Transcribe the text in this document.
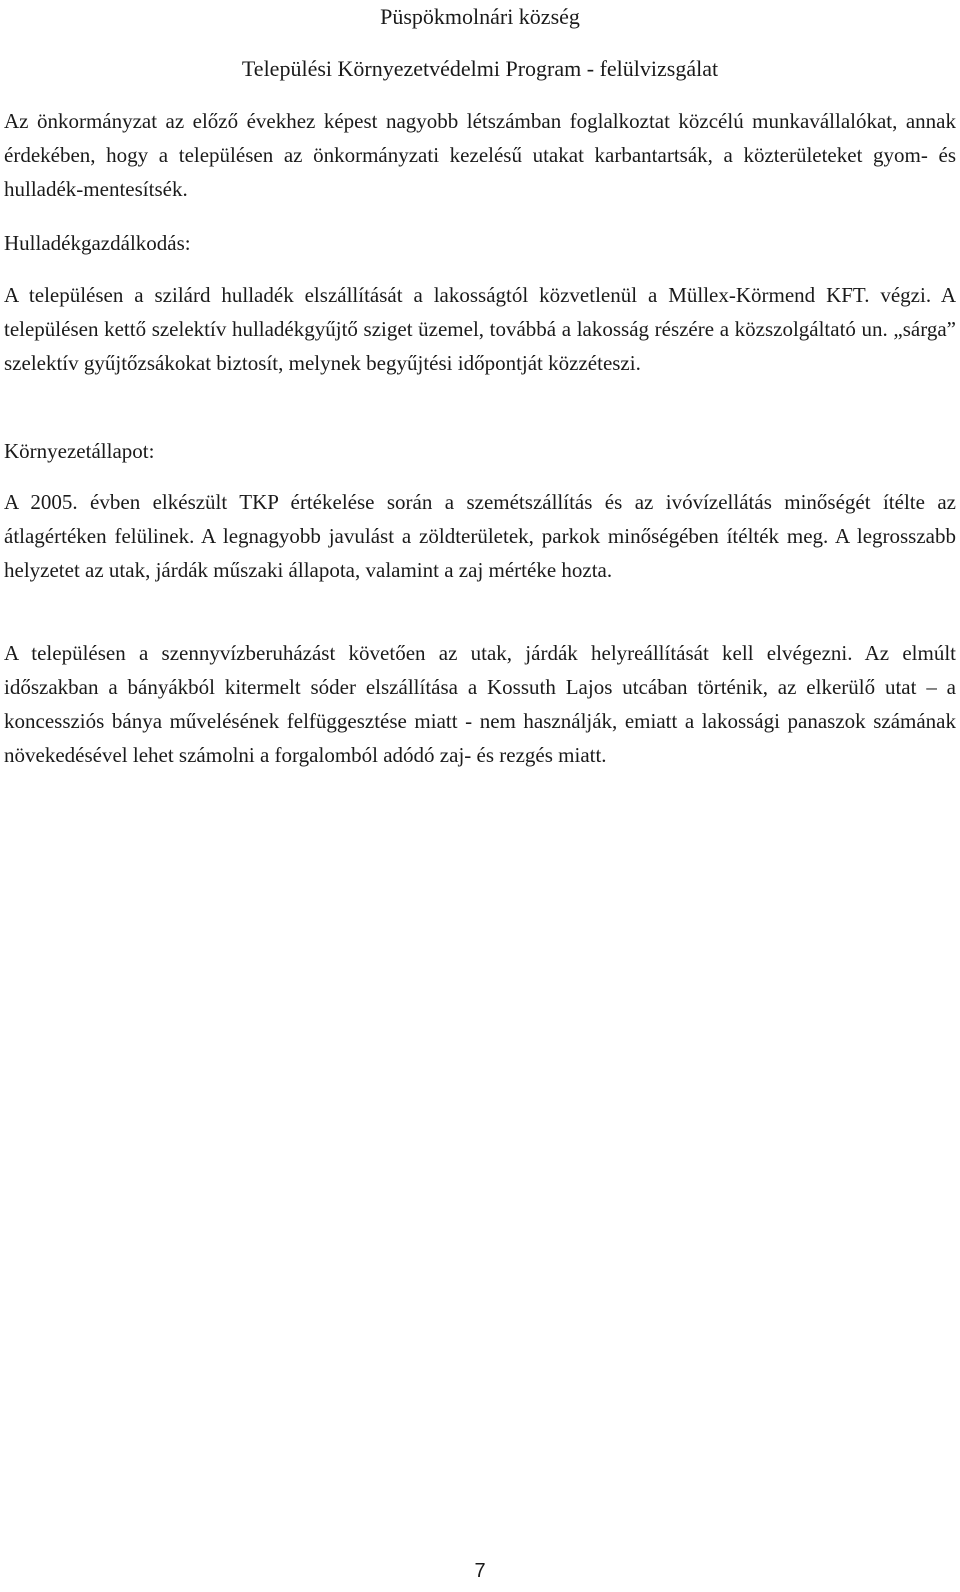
Püspökmolnári község
Települési Környezetvédelmi Program - felülvizsgálat

Az önkormányzat az előző évekhez képest nagyobb létszámban foglalkoztat közcélú munkavállalókat, annak érdekében, hogy a településen az önkormányzati kezelésű utakat karbantartsák, a közterületeket gyom- és hulladék-mentesítsék.

Hulladékgazdálkodás:

A településen a szilárd hulladék elszállítását a lakosságtól közvetlenül a Müllex-Körmend KFT. végzi. A településen kettő szelektív hulladékgyűjtő sziget üzemel, továbbá a lakosság részére a közszolgáltató un. „sárga” szelektív gyűjtőzsákokat biztosít, melynek begyűjtési időpontját közzéteszi.

Környezetállapot:

A 2005. évben elkészült TKP értékelése során a szemétszállítás és az ivóvízellátás minőségét ítélte az átlagértéken felülinek. A legnagyobb javulást a zöldterületek, parkok minőségében ítélték meg. A legrosszabb helyzetet az utak, járdák műszaki állapota, valamint a zaj mértéke hozta.

A településen a szennyvízberuházást követően az utak, járdák helyreállítását kell elvégezni. Az elmúlt időszakban a bányákból kitermelt sóder elszállítása a Kossuth Lajos utcában történik, az elkerülő utat – a koncessziós bánya művelésének felfüggesztése miatt - nem használják, emiatt a lakossági panaszok számának növekedésével lehet számolni a forgalomból adódó zaj- és rezgés miatt.

7
